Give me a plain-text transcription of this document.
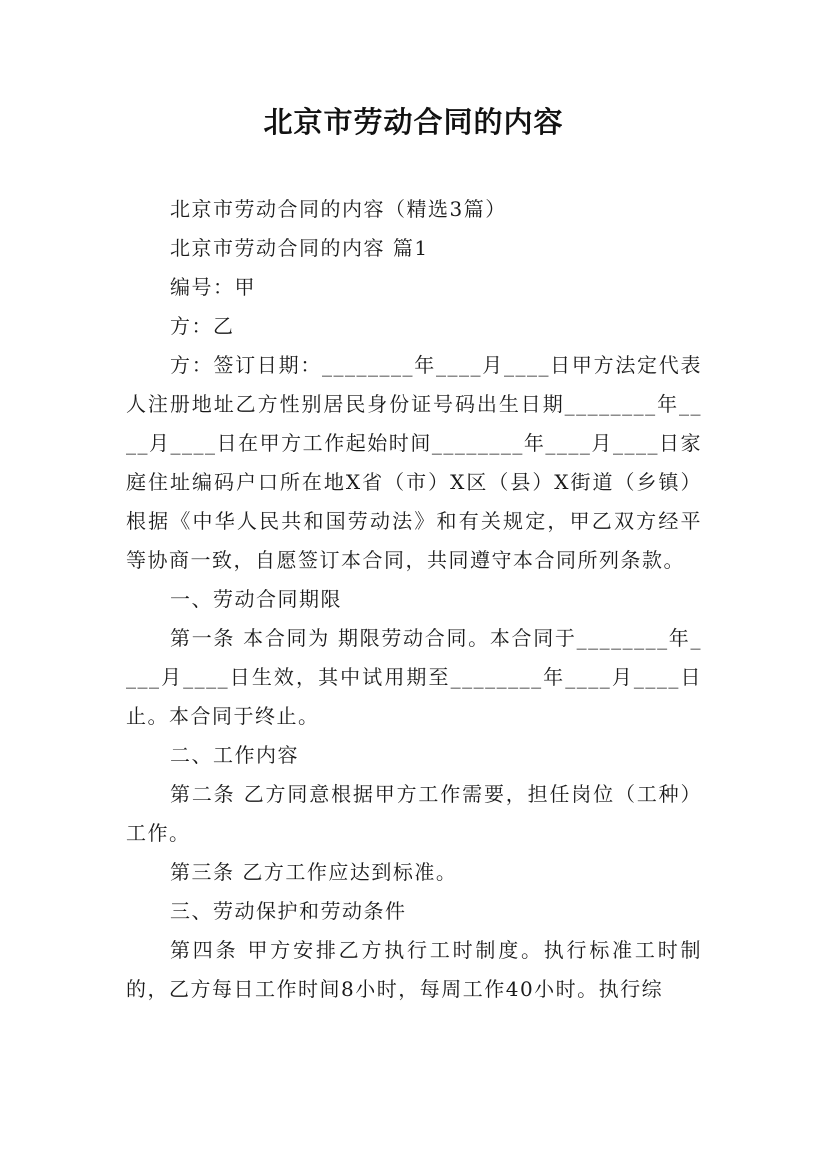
北京市劳动合同的内容

北京市劳动合同的内容（精选3篇）

北京市劳动合同的内容 篇1

编号：甲

方：乙

方：签订日期：________年____月____日甲方法定代表人注册地址乙方性别居民身份证号码出生日期________年____月____日在甲方工作起始时间________年____月____日家庭住址编码户口所在地X省（市）X区（县）X街道（乡镇）根据《中华人民共和国劳动法》和有关规定，甲乙双方经平等协商一致，自愿签订本合同，共同遵守本合同所列条款。

一、劳动合同期限

第一条 本合同为 期限劳动合同。本合同于________年____月____日生效，其中试用期至________年____月____日止。本合同于终止。

二、工作内容

第二条 乙方同意根据甲方工作需要，担任岗位（工种）工作。

第三条 乙方工作应达到标准。

三、劳动保护和劳动条件

第四条 甲方安排乙方执行工时制度。执行标准工时制的，乙方每日工作时间8小时，每周工作40小时。执行综
